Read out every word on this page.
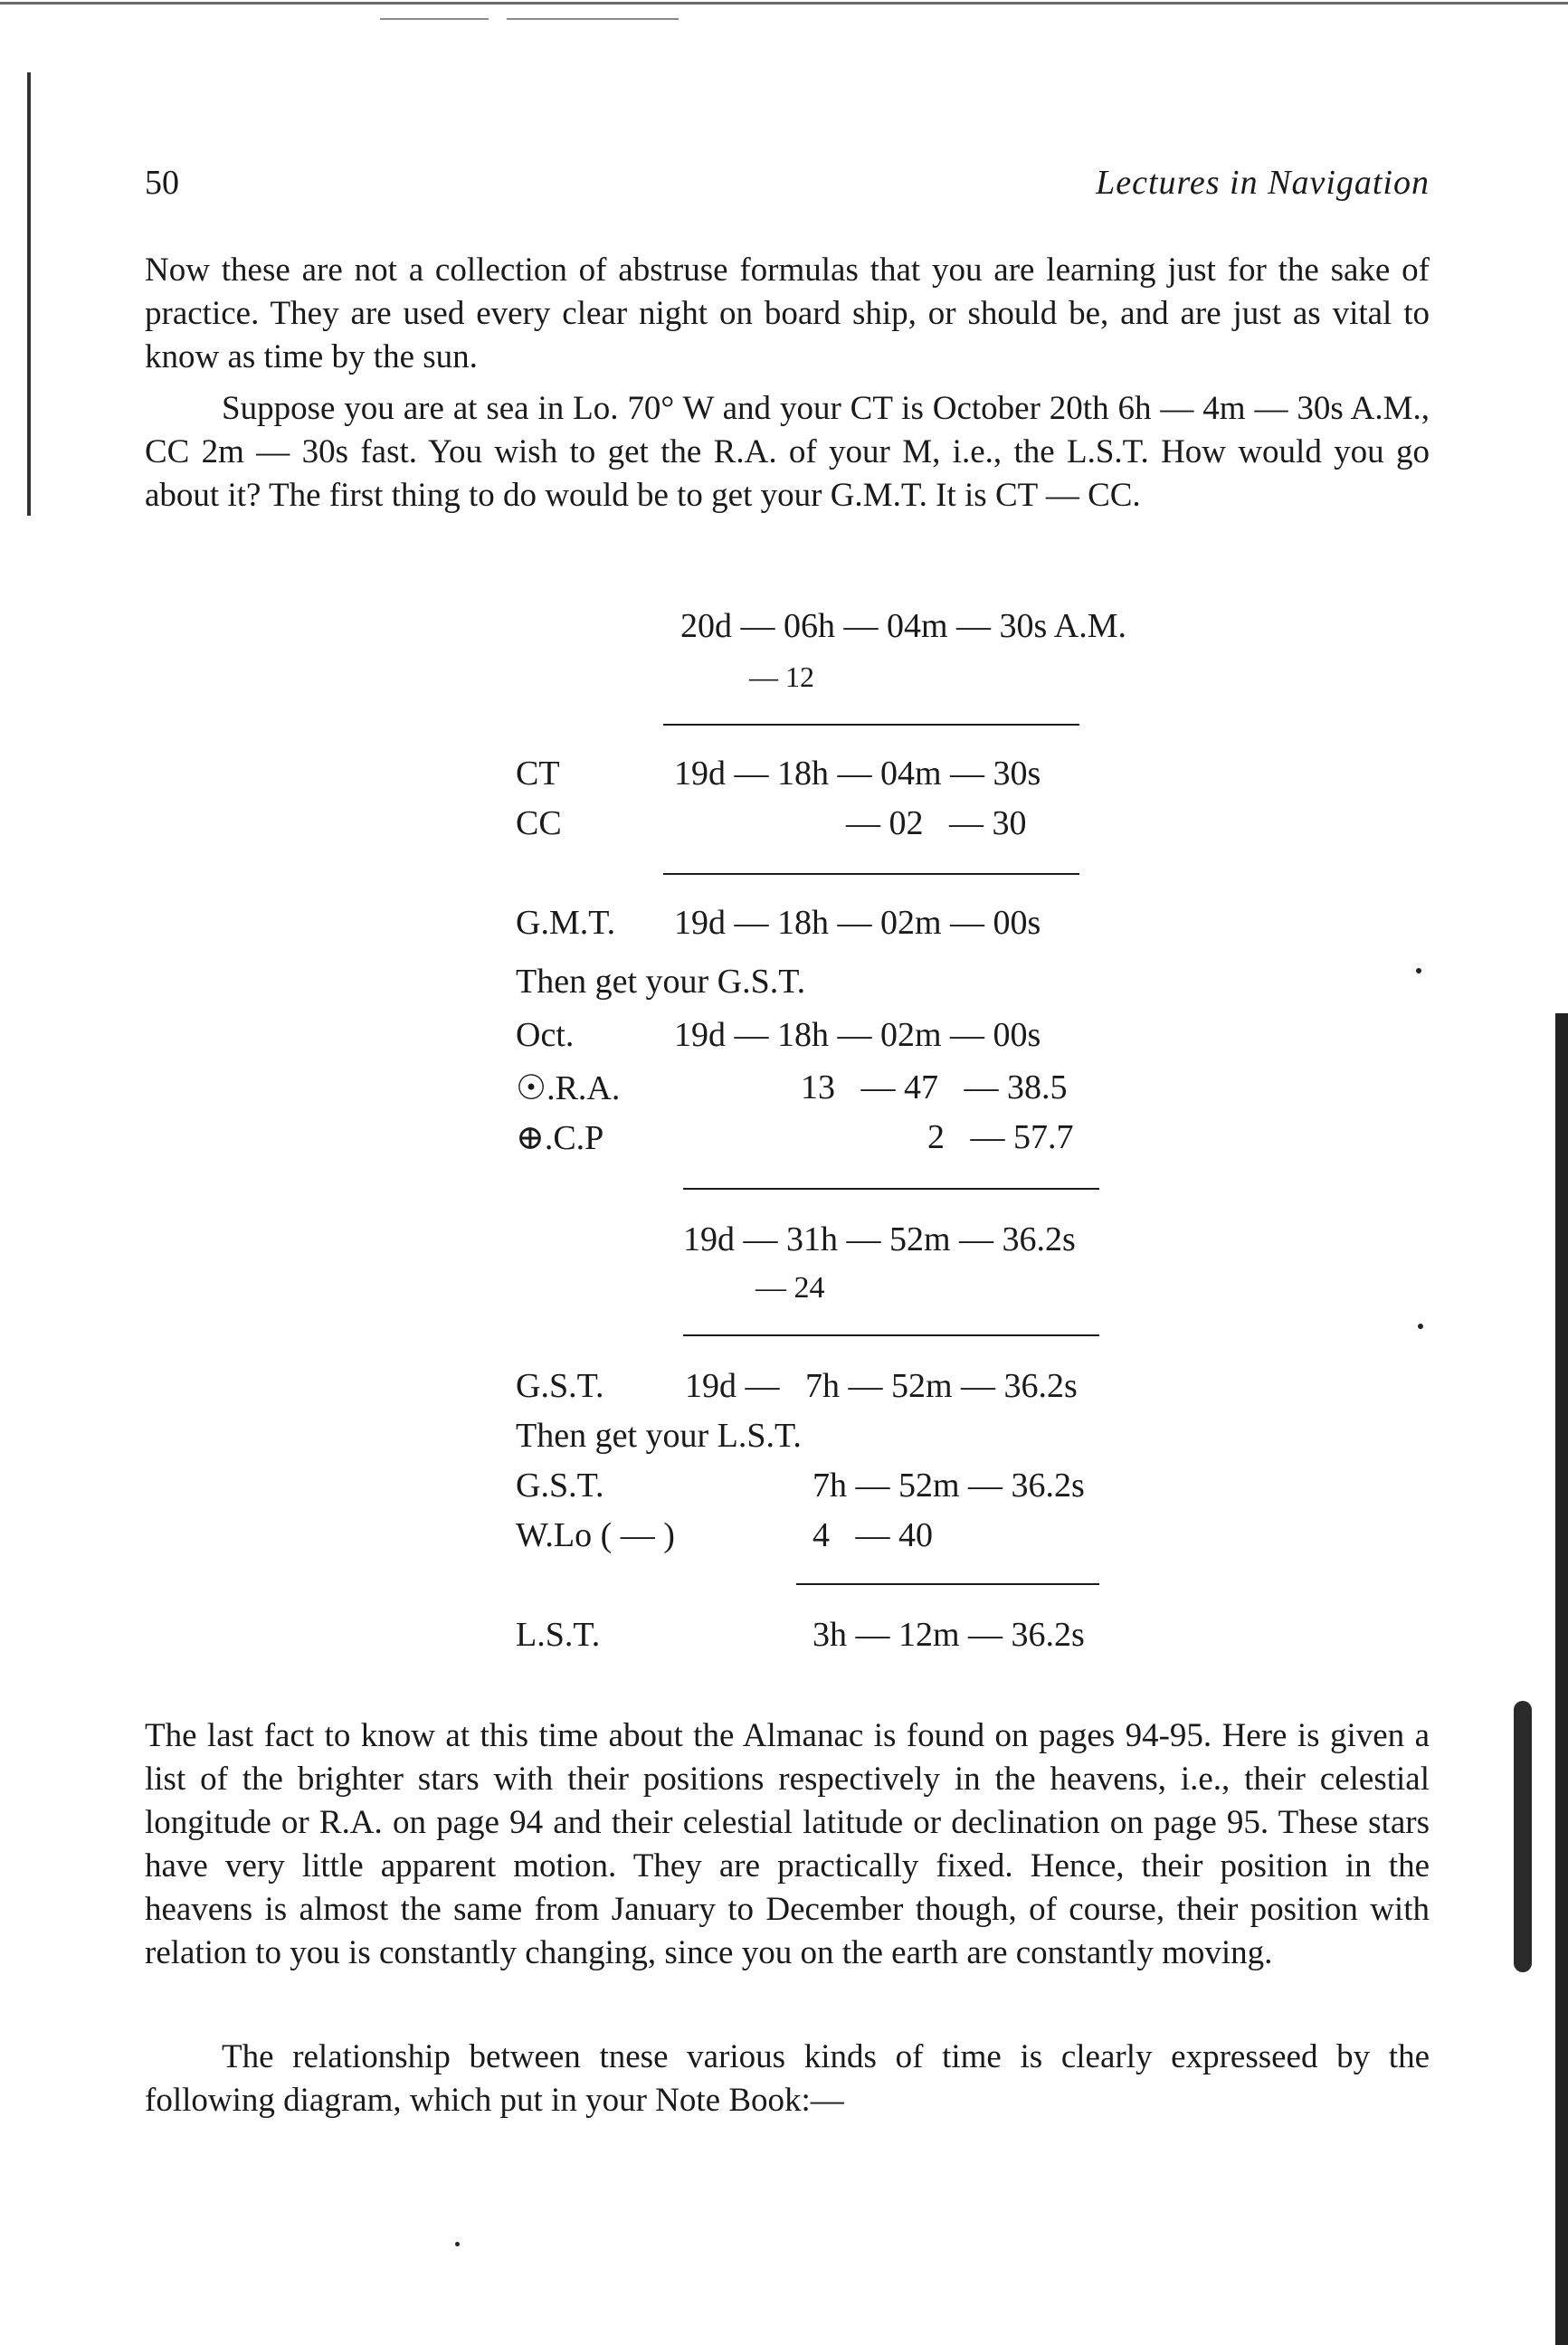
50	Lectures in Navigation

Now these are not a collection of abstruse formulas that you are learning just for the sake of practice. They are used every clear night on board ship, or should be, and are just as vital to know as time by the sun.

Suppose you are at sea in Lo. 70° W and your CT is October 20th 6h — 4m — 30s A.M., CC 2m — 30s fast. You wish to get the R.A. of your M, i.e., the L.S.T. How would you go about it? The first thing to do would be to get your G.M.T. It is CT — CC.

20d — 06h — 04m — 30s A.M.
— 12
CT	19d — 18h — 04m — 30s
CC	— 02   — 30
G.M.T. 19d — 18h — 02m — 00s
Then get your G.S.T.
Oct.	19d — 18h — 02m — 00s
☉.R.A.	13   — 47   — 38.5
⊕.C.P	2   — 57.7
19d — 31h — 52m — 36.2s
— 24
G.S.T. 19d —   7h — 52m — 36.2s
Then get your L.S.T.
G.S.T.	7h — 52m — 36.2s
W.Lo ( — )	4   — 40
L.S.T.	3h — 12m — 36.2s

The last fact to know at this time about the Almanac is found on pages 94-95. Here is given a list of the brighter stars with their positions respectively in the heavens, i.e., their celestial longitude or R.A. on page 94 and their celestial latitude or declination on page 95. These stars have very little apparent motion. They are practically fixed. Hence, their position in the heavens is almost the same from January to December though, of course, their position with relation to you is constantly changing, since you on the earth are constantly moving.

The relationship between tnese various kinds of time is clearly expresseed by the following diagram, which put in your Note Book:—
